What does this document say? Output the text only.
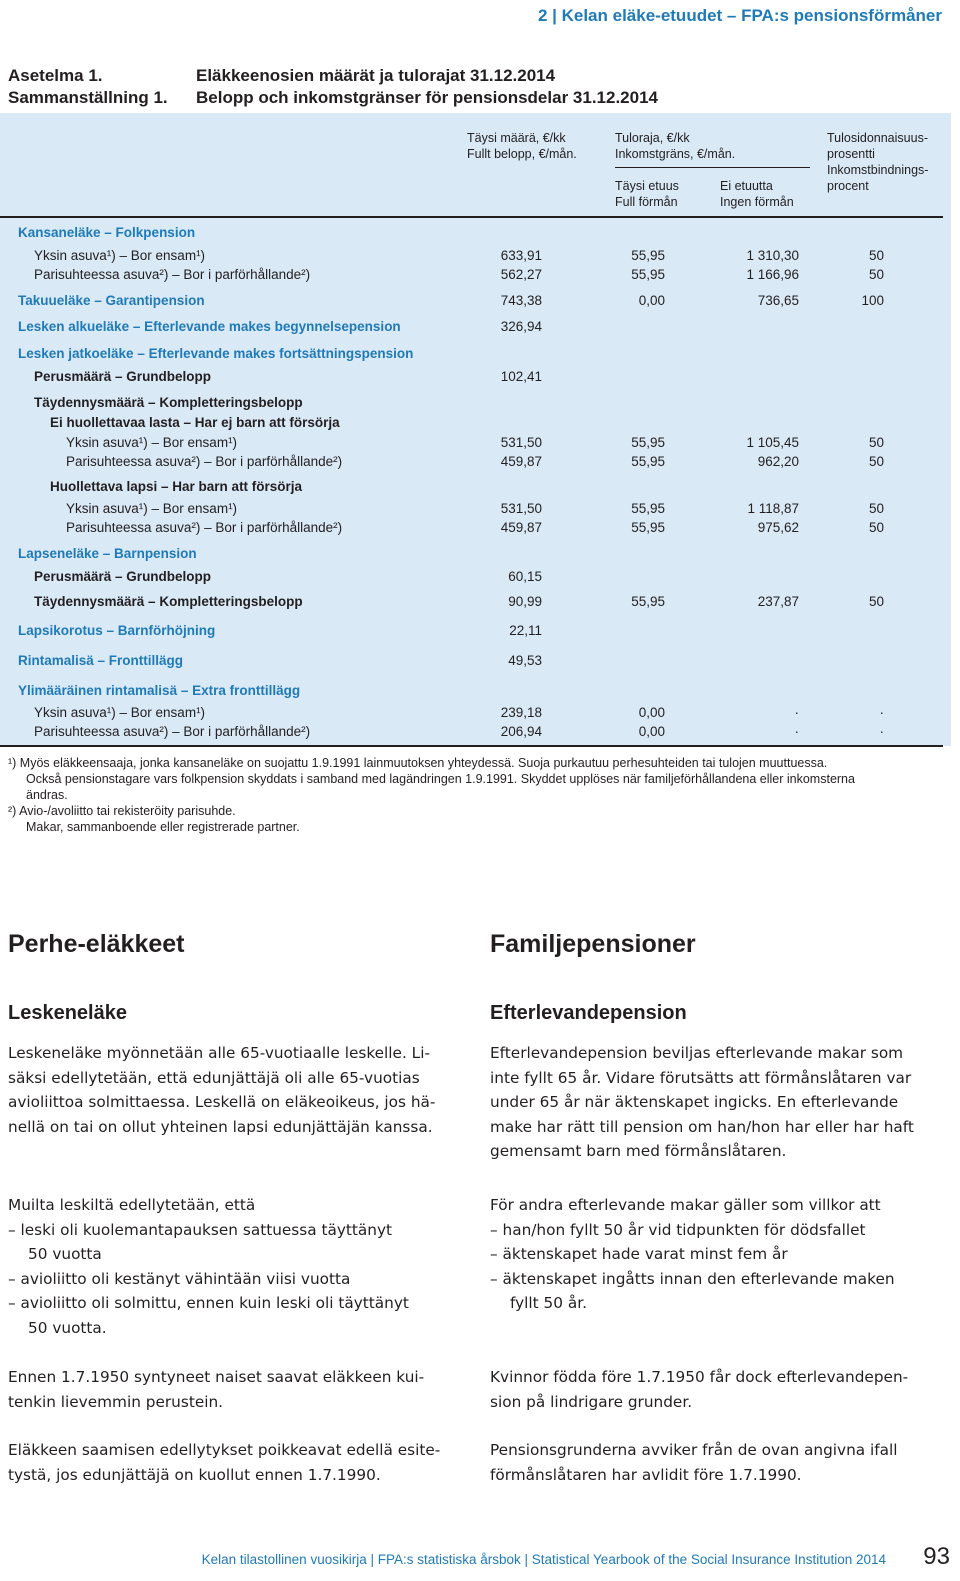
2 | Kelan eläke-etuudet – FPA:s pensionsförmåner
Asetelma 1.
Sammanställning 1.
Eläkkeenosien määrät ja tulorajat 31.12.2014
Belopp och inkomstgränser för pensionsdelar 31.12.2014
Täysi määrä, €/kk
Fullt belopp, €/mån.
Tuloraja, €/kk
Inkomstgräns, €/mån.
Täysi etuus
Full förmån
Ei etuutta
Ingen förmån
Tulosidonnaisuus-
prosentti
Inkomstbindnings-
procent
Kansaneläke – Folkpension
Yksin asuva¹) – Bor ensam¹)	633,91	55,95	1 310,30	50
Parisuhteessa asuva²) – Bor i parförhållande²)	562,27	55,95	1 166,96	50
Takuueläke – Garantipension	743,38	0,00	736,65	100
Lesken alkueläke – Efterlevande makes begynnelsepension	326,94
Lesken jatkoeläke – Efterlevande makes fortsättningspension
Perusmäärä – Grundbelopp	102,41
Täydennysmäärä – Kompletteringsbelopp
Ei huollettavaa lasta – Har ej barn att försörja
Yksin asuva¹) – Bor ensam¹)	531,50	55,95	1 105,45	50
Parisuhteessa asuva²) – Bor i parförhållande²)	459,87	55,95	962,20	50
Huollettava lapsi – Har barn att försörja
Yksin asuva¹) – Bor ensam¹)	531,50	55,95	1 118,87	50
Parisuhteessa asuva²) – Bor i parförhållande²)	459,87	55,95	975,62	50
Lapseneläke – Barnpension
Perusmäärä – Grundbelopp	60,15
Täydennysmäärä – Kompletteringsbelopp	90,99	55,95	237,87	50
Lapsikorotus – Barnförhöjning	22,11
Rintamalisä – Fronttillägg	49,53
Ylimääräinen rintamalisä – Extra fronttillägg
Yksin asuva¹) – Bor ensam¹)	239,18	0,00	·	·
Parisuhteessa asuva²) – Bor i parförhållande²)	206,94	0,00	·	·
¹) Myös eläkkeensaaja, jonka kansaneläke on suojattu 1.9.1991 lainmuutoksen yhteydessä. Suoja purkautuu perhesuhteiden tai tulojen muuttuessa.
Också pensionstagare vars folkpension skyddats i samband med lagändringen 1.9.1991. Skyddet upplöses när familjeförhållandena eller inkomsterna
ändras.
²) Avio-/avoliitto tai rekisteröity parisuhde.
Makar, sammanboende eller registrerade partner.
Perhe-eläkkeet
Leskeneläke
Leskeneläke myönnetään alle 65-vuotiaalle leskelle. Li-
säksi edellytetään, että edunjättäjä oli alle 65-vuotias
avioliittoa solmittaessa. Leskellä on eläkeoikeus, jos hä-
nellä on tai on ollut yhteinen lapsi edunjättäjän kanssa.
Muilta leskiltä edellytetään, että
– leski oli kuolemantapauksen sattuessa täyttänyt
50 vuotta
– avioliitto oli kestänyt vähintään viisi vuotta
– avioliitto oli solmittu, ennen kuin leski oli täyttänyt
50 vuotta.
Ennen 1.7.1950 syntyneet naiset saavat eläkkeen kui-
tenkin lievemmin perustein.
Eläkkeen saamisen edellytykset poikkeavat edellä esite-
tystä, jos edunjättäjä on kuollut ennen 1.7.1990.
Familjepensioner
Efterlevandepension
Efterlevandepension beviljas efterlevande makar som
inte fyllt 65 år. Vidare förutsätts att förmånslåtaren var
under 65 år när äktenskapet ingicks. En efterlevande
make har rätt till pension om han/hon har eller har haft
gemensamt barn med förmånslåtaren.
För andra efterlevande makar gäller som villkor att
– han/hon fyllt 50 år vid tidpunkten för dödsfallet
– äktenskapet hade varat minst fem år
– äktenskapet ingåtts innan den efterlevande maken
fyllt 50 år.
Kvinnor födda före 1.7.1950 får dock efterlevandepen-
sion på lindrigare grunder.
Pensionsgrunderna avviker från de ovan angivna ifall
förmånslåtaren har avlidit före 1.7.1990.
Kelan tilastollinen vuosikirja | FPA:s statistiska årsbok | Statistical Yearbook of the Social Insurance Institution 2014 93
